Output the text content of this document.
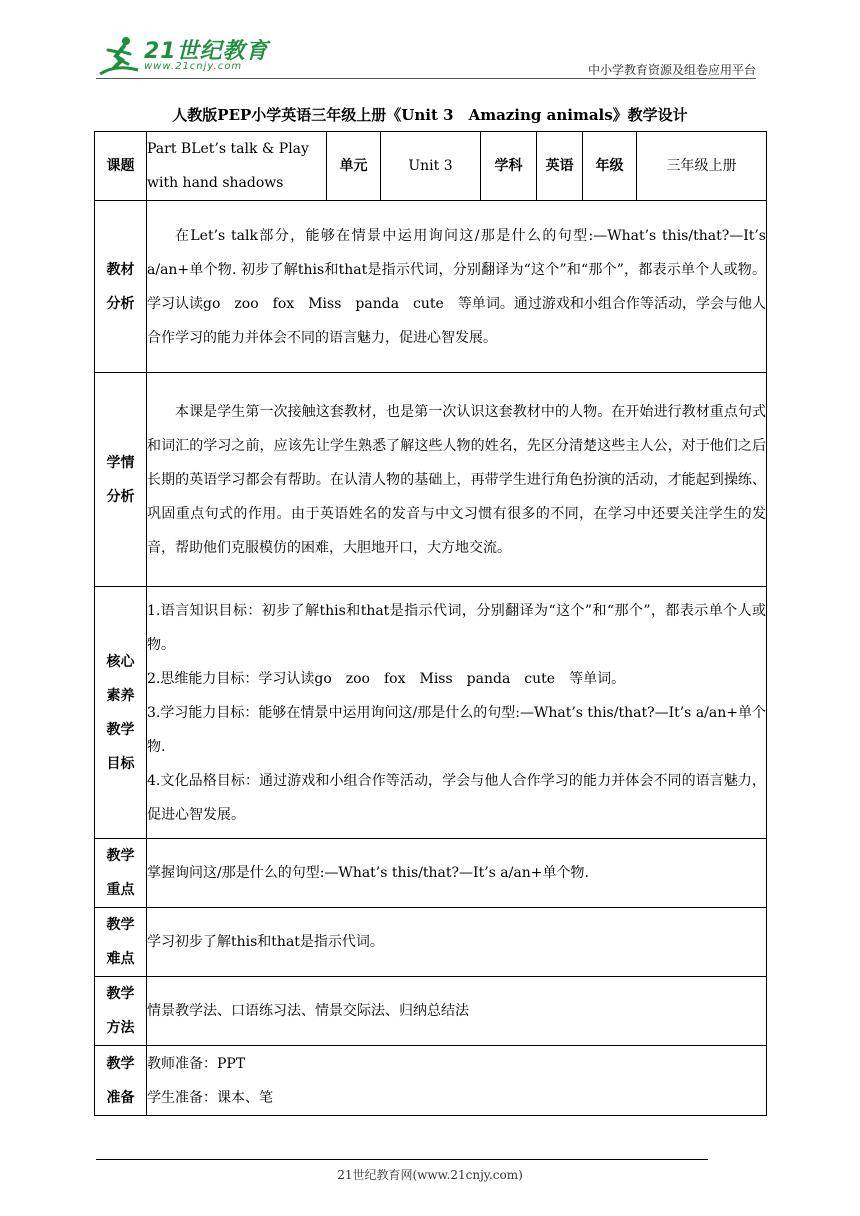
21世纪教育
www.21cnjy.com	中小学教育资源及组卷应用平台
人教版PEP小学英语三年级上册《Unit 3　Amazing animals》教学设计
课题	Part BLet’s talk & Play with hand shadows	单元	Unit 3	学科	英语	年级	三年级上册
教材分析	在Let’s talk部分，能够在情景中运用询问这/那是什么的句型:—What’s this/that?—It’s a/an+单个物. 初步了解this和that是指示代词，分别翻译为“这个”和“那个”，都表示单个人或物。学习认读go　zoo　fox　Miss　panda　cute　等单词。通过游戏和小组合作等活动，学会与他人合作学习的能力并体会不同的语言魅力，促进心智发展。						

学情分析	本课是学生第一次接触这套教材，也是第一次认识这套教材中的人物。在开始进行教材重点句式和词汇的学习之前，应该先让学生熟悉了解这些人物的姓名，先区分清楚这些主人公，对于他们之后长期的英语学习都会有帮助。在认清人物的基础上，再带学生进行角色扮演的活动，才能起到操练、巩固重点句式的作用。由于英语姓名的发音与中文习惯有很多的不同，在学习中还要关注学生的发音，帮助他们克服模仿的困难，大胆地开口，大方地交流。						

核心素养教学目标	1.语言知识目标：初步了解this和that是指示代词，分别翻译为“这个”和“那个”，都表示单个人或物。

2.思维能力目标：学习认读go　zoo　fox　Miss　panda　cute　等单词。

3.学习能力目标：能够在情景中运用询问这/那是什么的句型:—What’s this/that?—It’s a/an+单个物.

4.文化品格目标：通过游戏和小组合作等活动，学会与他人合作学习的能力并体会不同的语言魅力，促进心智发展。						

教学重点	掌握询问这/那是什么的句型:—What’s this/that?—It’s a/an+单个物.						
教学难点	学习初步了解this和that是指示代词。						
教学方法	情景教学法、口语练习法、情景交际法、归纳总结法						
教学准备	教师准备：PPT
学生准备：课本、笔						
21世纪教育网(www.21cnjy.com)
